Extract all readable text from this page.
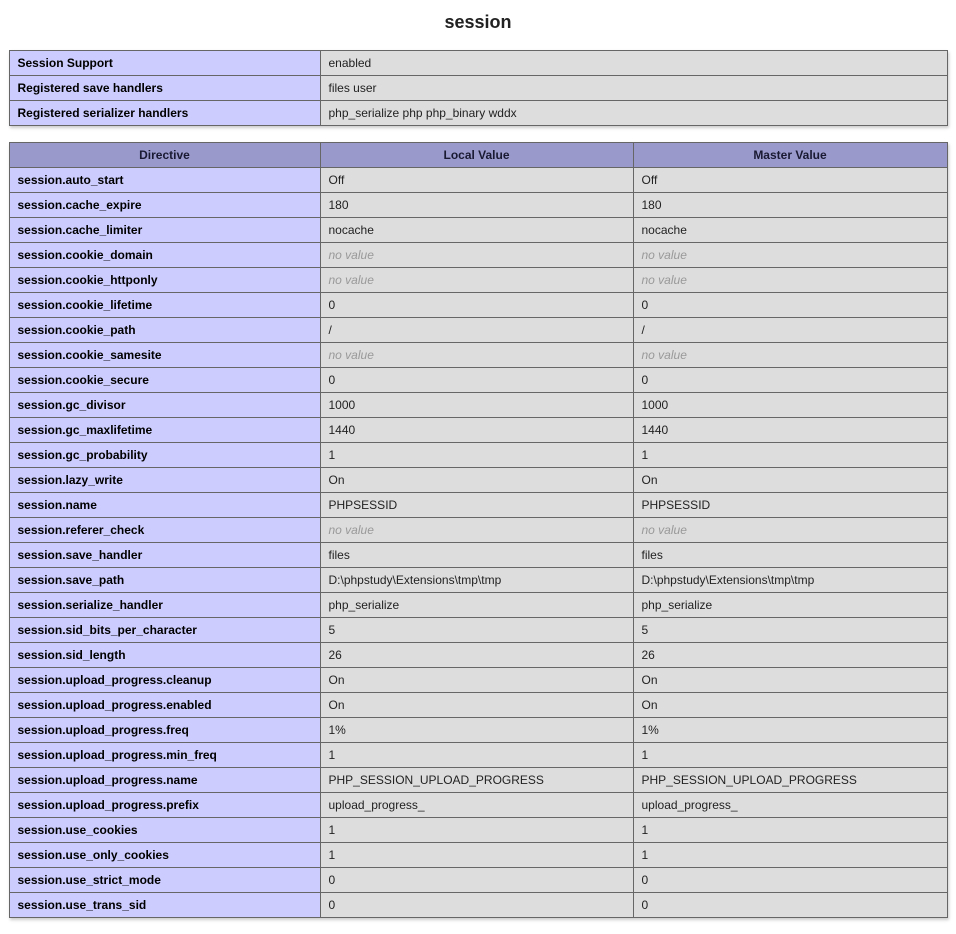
session
Session Support	enabled
Registered save handlers	files user
Registered serializer handlers	php_serialize php php_binary wddx
Directive	Local Value	Master Value
session.auto_start	Off	Off
session.cache_expire	180	180
session.cache_limiter	nocache	nocache
session.cookie_domain	no value	no value
session.cookie_httponly	no value	no value
session.cookie_lifetime	0	0
session.cookie_path	/	/
session.cookie_samesite	no value	no value
session.cookie_secure	0	0
session.gc_divisor	1000	1000
session.gc_maxlifetime	1440	1440
session.gc_probability	1	1
session.lazy_write	On	On
session.name	PHPSESSID	PHPSESSID
session.referer_check	no value	no value
session.save_handler	files	files
session.save_path	D:\phpstudy\Extensions\tmp\tmp	D:\phpstudy\Extensions\tmp\tmp
session.serialize_handler	php_serialize	php_serialize
session.sid_bits_per_character	5	5
session.sid_length	26	26
session.upload_progress.cleanup	On	On
session.upload_progress.enabled	On	On
session.upload_progress.freq	1%	1%
session.upload_progress.min_freq	1	1
session.upload_progress.name	PHP_SESSION_UPLOAD_PROGRESS	PHP_SESSION_UPLOAD_PROGRESS
session.upload_progress.prefix	upload_progress_	upload_progress_
session.use_cookies	1	1
session.use_only_cookies	1	1
session.use_strict_mode	0	0
session.use_trans_sid	0	0
